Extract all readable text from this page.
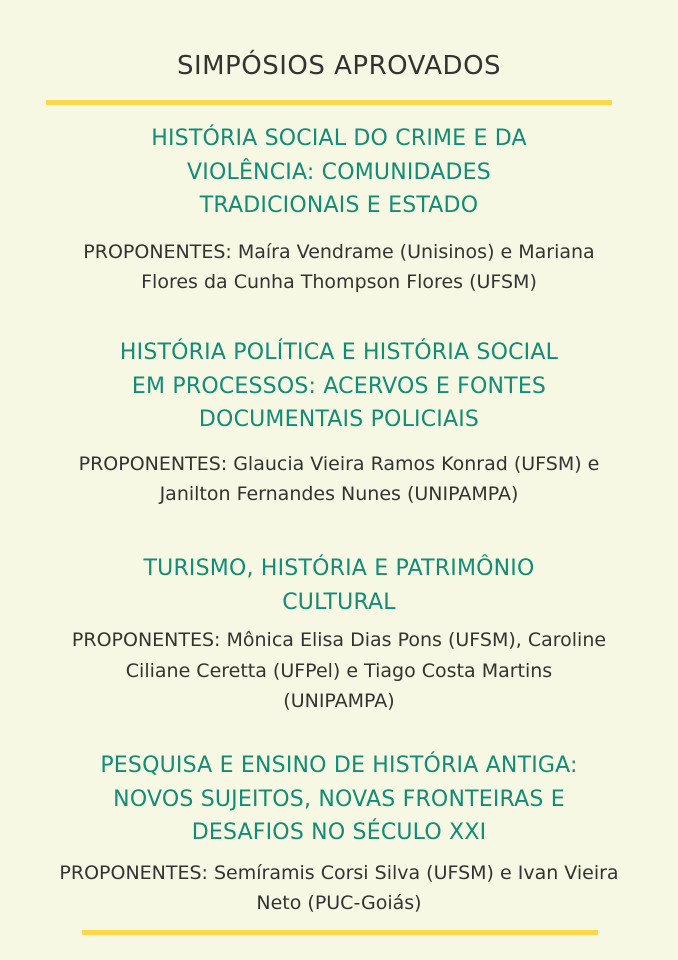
SIMPÓSIOS APROVADOS
HISTÓRIA SOCIAL DO CRIME E DA VIOLÊNCIA: COMUNIDADES TRADICIONAIS E ESTADO
PROPONENTES: Maíra Vendrame (Unisinos) e Mariana Flores da Cunha Thompson Flores (UFSM)
HISTÓRIA POLÍTICA E HISTÓRIA SOCIAL EM PROCESSOS: ACERVOS E FONTES DOCUMENTAIS POLICIAIS
PROPONENTES: Glaucia Vieira Ramos Konrad (UFSM) e Janilton Fernandes Nunes (UNIPAMPA)
TURISMO, HISTÓRIA E PATRIMÔNIO CULTURAL
PROPONENTES: Mônica Elisa Dias Pons (UFSM), Caroline Ciliane Ceretta (UFPel) e Tiago Costa Martins (UNIPAMPA)
PESQUISA E ENSINO DE HISTÓRIA ANTIGA: NOVOS SUJEITOS, NOVAS FRONTEIRAS E DESAFIOS NO SÉCULO XXI
PROPONENTES: Semíramis Corsi Silva (UFSM) e Ivan Vieira Neto (PUC-Goiás)
